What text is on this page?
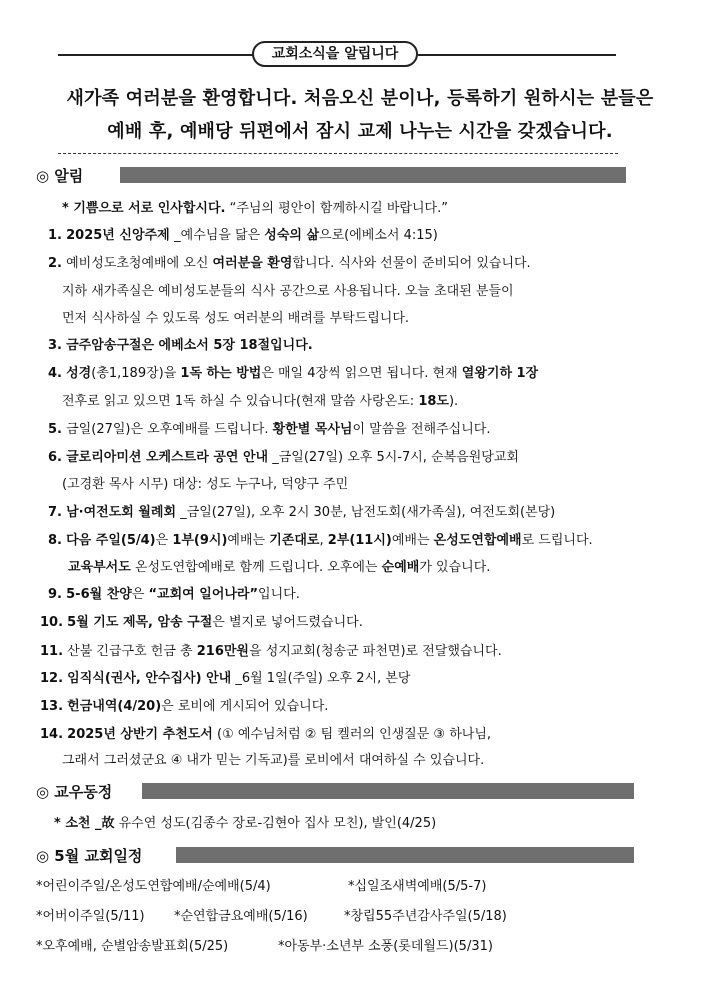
교회소식을 알립니다
새가족 여러분을 환영합니다. 처음오신 분이나, 등록하기 원하시는 분들은
예배 후, 예배당 뒤편에서 잠시 교제 나누는 시간을 갖겠습니다.
◎ 알림
* 기쁨으로 서로 인사합시다. “주님의 평안이 함께하시길 바랍니다.”
1. 2025년 신앙주제 _예수님을 닮은 성숙의 삶으로(에베소서 4:15)
2. 예비성도초청예배에 오신 여러분을 환영합니다. 식사와 선물이 준비되어 있습니다.
지하 새가족실은 예비성도분들의 식사 공간으로 사용됩니다. 오늘 초대된 분들이
먼저 식사하실 수 있도록 성도 여러분의 배려를 부탁드립니다.
3. 금주암송구절은 에베소서 5장 18절입니다.
4. 성경(총1,189장)을 1독 하는 방법은 매일 4장씩 읽으면 됩니다. 현재 열왕기하 1장
전후로 읽고 있으면 1독 하실 수 있습니다(현재 말씀 사랑온도: 18도).
5. 금일(27일)은 오후예배를 드립니다. 황한별 목사님이 말씀을 전해주십니다.
6. 글로리아미션 오케스트라 공연 안내 _금일(27일) 오후 5시-7시, 순복음원당교회
(고경환 목사 시무) 대상: 성도 누구나, 덕양구 주민
7. 남·여전도회 월례회 _금일(27일), 오후 2시 30분, 남전도회(새가족실), 여전도회(본당)
8. 다음 주일(5/4)은 1부(9시)예배는 기존대로, 2부(11시)예배는 온성도연합예배로 드립니다.
교육부서도 온성도연합예배로 함께 드립니다. 오후에는 순예배가 있습니다.
9. 5-6월 찬양은 “교회여 일어나라”입니다.
10. 5월 기도 제목, 암송 구절은 별지로 넣어드렸습니다.
11. 산불 긴급구호 헌금 총 216만원을 성지교회(청송군 파천면)로 전달했습니다.
12. 임직식(권사, 안수집사) 안내 _6월 1일(주일) 오후 2시, 본당
13. 헌금내역(4/20)은 로비에 게시되어 있습니다.
14. 2025년 상반기 추천도서 (① 예수님처럼 ② 팀 켈러의 인생질문 ③ 하나님,
그래서 그러셨군요 ④ 내가 믿는 기독교)를 로비에서 대여하실 수 있습니다.
◎ 교우동정
* 소천 _故 유수연 성도(김종수 장로-김현아 집사 모친), 발인(4/25)
◎ 5월 교회일정
*어린이주일/온성도연합예배/순예배(5/4)	*십일조새벽예배(5/5-7)
*어버이주일(5/11) *순연합금요예배(5/16)	*창립55주년감사주일(5/18)
*오후예배, 순별암송발표회(5/25)	*아동부·소년부 소풍(롯데월드)(5/31)
